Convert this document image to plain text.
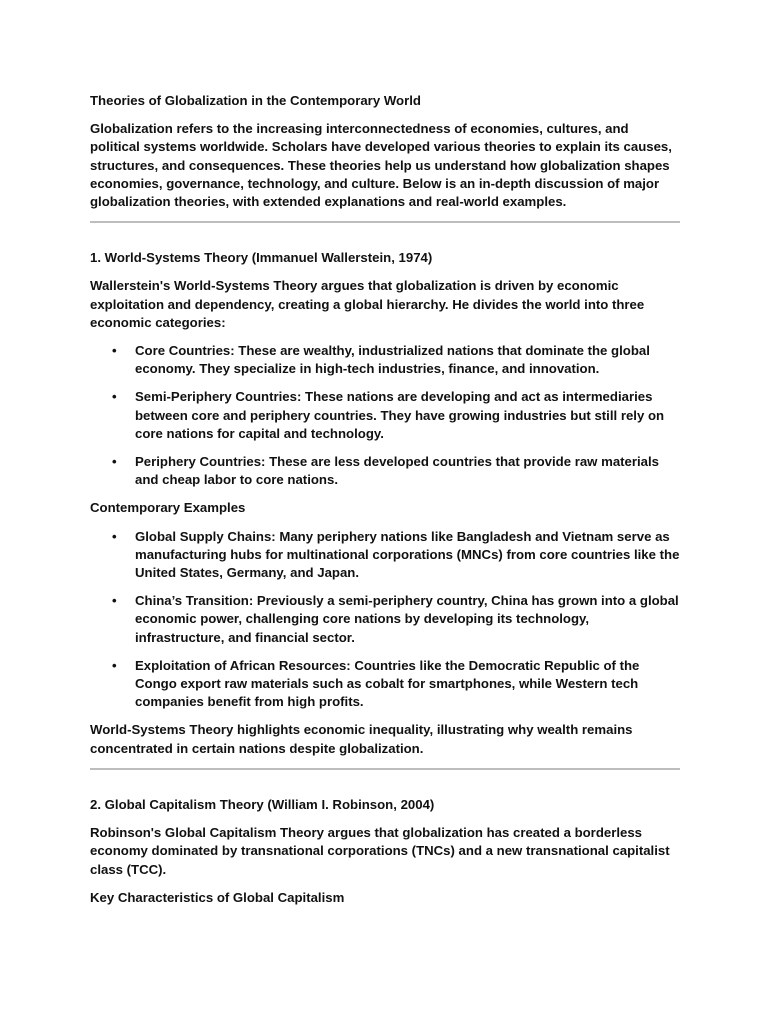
Theories of Globalization in the Contemporary World
Globalization refers to the increasing interconnectedness of economies, cultures, and political systems worldwide. Scholars have developed various theories to explain its causes, structures, and consequences. These theories help us understand how globalization shapes economies, governance, technology, and culture. Below is an in-depth discussion of major globalization theories, with extended explanations and real-world examples.
1. World-Systems Theory (Immanuel Wallerstein, 1974)
Wallerstein's World-Systems Theory argues that globalization is driven by economic exploitation and dependency, creating a global hierarchy. He divides the world into three economic categories:
• Core Countries: These are wealthy, industrialized nations that dominate the global economy. They specialize in high-tech industries, finance, and innovation.
• Semi-Periphery Countries: These nations are developing and act as intermediaries between core and periphery countries. They have growing industries but still rely on core nations for capital and technology.
• Periphery Countries: These are less developed countries that provide raw materials and cheap labor to core nations.
Contemporary Examples
• Global Supply Chains: Many periphery nations like Bangladesh and Vietnam serve as manufacturing hubs for multinational corporations (MNCs) from core countries like the United States, Germany, and Japan.
• China’s Transition: Previously a semi-periphery country, China has grown into a global economic power, challenging core nations by developing its technology, infrastructure, and financial sector.
• Exploitation of African Resources: Countries like the Democratic Republic of the Congo export raw materials such as cobalt for smartphones, while Western tech companies benefit from high profits.
World-Systems Theory highlights economic inequality, illustrating why wealth remains concentrated in certain nations despite globalization.
2. Global Capitalism Theory (William I. Robinson, 2004)
Robinson's Global Capitalism Theory argues that globalization has created a borderless economy dominated by transnational corporations (TNCs) and a new transnational capitalist class (TCC).
Key Characteristics of Global Capitalism
